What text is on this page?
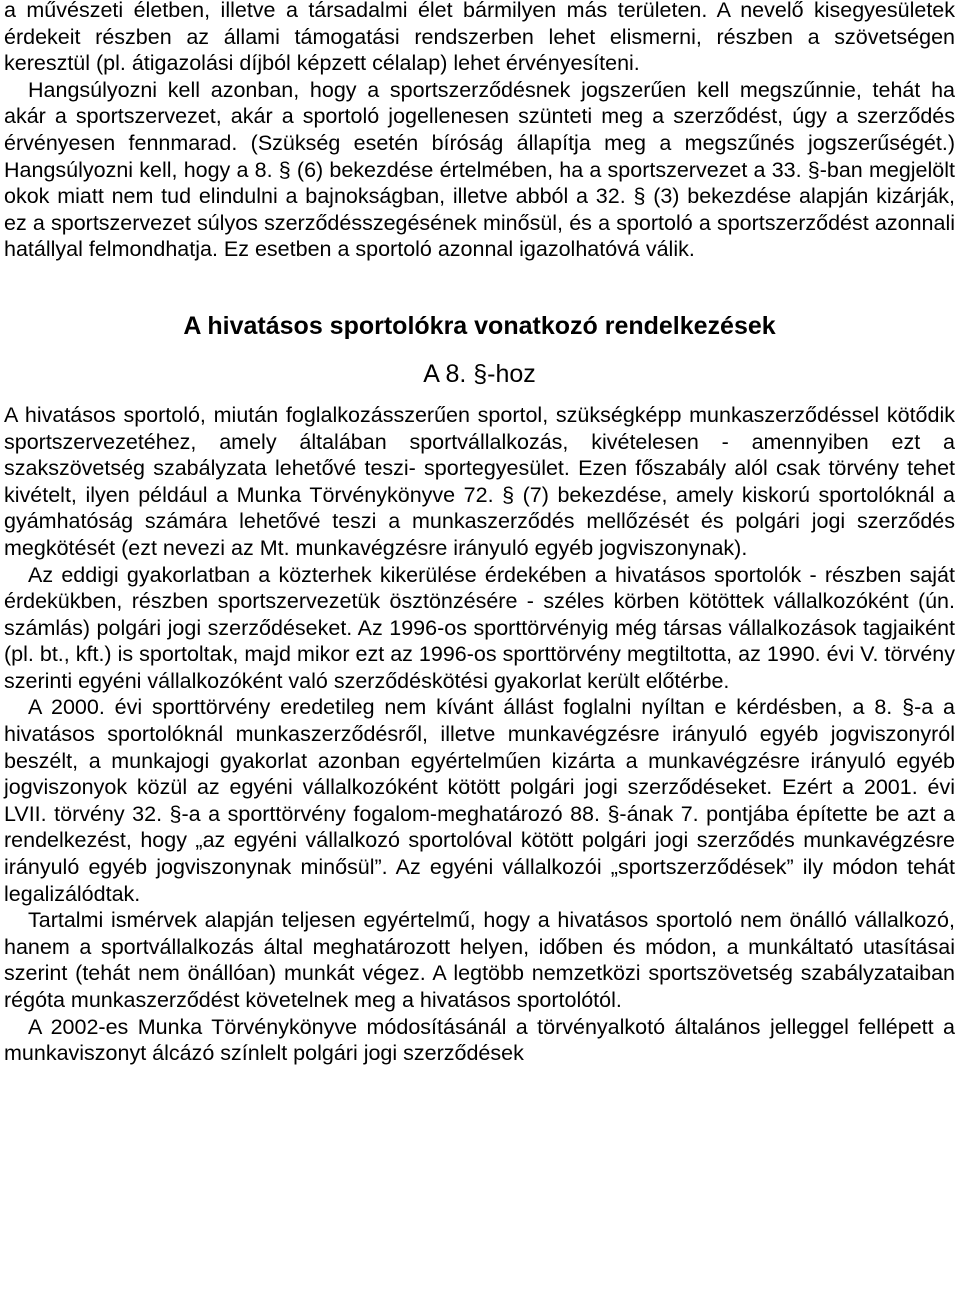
a művészeti életben, illetve a társadalmi élet bármilyen más területen. A nevelő kisegyesületek érdekeit részben az állami támogatási rendszerben lehet elismerni, részben a szövetségen keresztül (pl. átigazolási díjból képzett célalap) lehet érvényesíteni.

Hangsúlyozni kell azonban, hogy a sportszerződésnek jogszerűen kell megszűnnie, tehát ha akár a sportszervezet, akár a sportoló jogellenesen szünteti meg a szerződést, úgy a szerződés érvényesen fennmarad. (Szükség esetén bíróság állapítja meg a megszűnés jogszerűségét.) Hangsúlyozni kell, hogy a 8. § (6) bekezdése értelmében, ha a sportszervezet a 33. §-ban megjelölt okok miatt nem tud elindulni a bajnokságban, illetve abból a 32. § (3) bekezdése alapján kizárják, ez a sportszervezet súlyos szerződésszegésének minősül, és a sportoló a sportszerződést azonnali hatállyal felmondhatja. Ez esetben a sportoló azonnal igazolhatóvá válik.

A hivatásos sportolókra vonatkozó rendelkezések
A 8. §-hoz

A hivatásos sportoló, miután foglalkozásszerűen sportol, szükségképp munkaszerződéssel kötődik sportszervezetéhez, amely általában sportvállalkozás, kivételesen - amennyiben ezt a szakszövetség szabályzata lehetővé teszi- sportegyesület. Ezen főszabály alól csak törvény tehet kivételt, ilyen például a Munka Törvénykönyve 72. § (7) bekezdése, amely kiskorú sportolóknál a gyámhatóság számára lehetővé teszi a munkaszerződés mellőzését és polgári jogi szerződés megkötését (ezt nevezi az Mt. munkavégzésre irányuló egyéb jogviszonynak).

Az eddigi gyakorlatban a közterhek kikerülése érdekében a hivatásos sportolók - részben saját érdekükben, részben sportszervezetük ösztönzésére - széles körben kötöttek vállalkozóként (ún. számlás) polgári jogi szerződéseket. Az 1996-os sporttörvényig még társas vállalkozások tagjaiként (pl. bt., kft.) is sportoltak, majd mikor ezt az 1996-os sporttörvény megtiltotta, az 1990. évi V. törvény szerinti egyéni vállalkozóként való szerződéskötési gyakorlat került előtérbe.

A 2000. évi sporttörvény eredetileg nem kívánt állást foglalni nyíltan e kérdésben, a 8. §-a a hivatásos sportolóknál munkaszerződésről, illetve munkavégzésre irányuló egyéb jogviszonyról beszélt, a munkajogi gyakorlat azonban egyértelműen kizárta a munkavégzésre irányuló egyéb jogviszonyok közül az egyéni vállalkozóként kötött polgári jogi szerződéseket. Ezért a 2001. évi LVII. törvény 32. §-a a sporttörvény fogalom-meghatározó 88. §-ának 7. pontjába építette be azt a rendelkezést, hogy „az egyéni vállalkozó sportolóval kötött polgári jogi szerződés munkavégzésre irányuló egyéb jogviszonynak minősül”. Az egyéni vállalkozói „sportszerződések” ily módon tehát legalizálódtak.

Tartalmi ismérvek alapján teljesen egyértelmű, hogy a hivatásos sportoló nem önálló vállalkozó, hanem a sportvállalkozás által meghatározott helyen, időben és módon, a munkáltató utasításai szerint (tehát nem önállóan) munkát végez. A legtöbb nemzetközi sportszövetség szabályzataiban régóta munkaszerződést követelnek meg a hivatásos sportolótól.

A 2002-es Munka Törvénykönyve módosításánál a törvényalkotó általános jelleggel fellépett a munkaviszonyt álcázó színlelt polgári jogi szerződések
